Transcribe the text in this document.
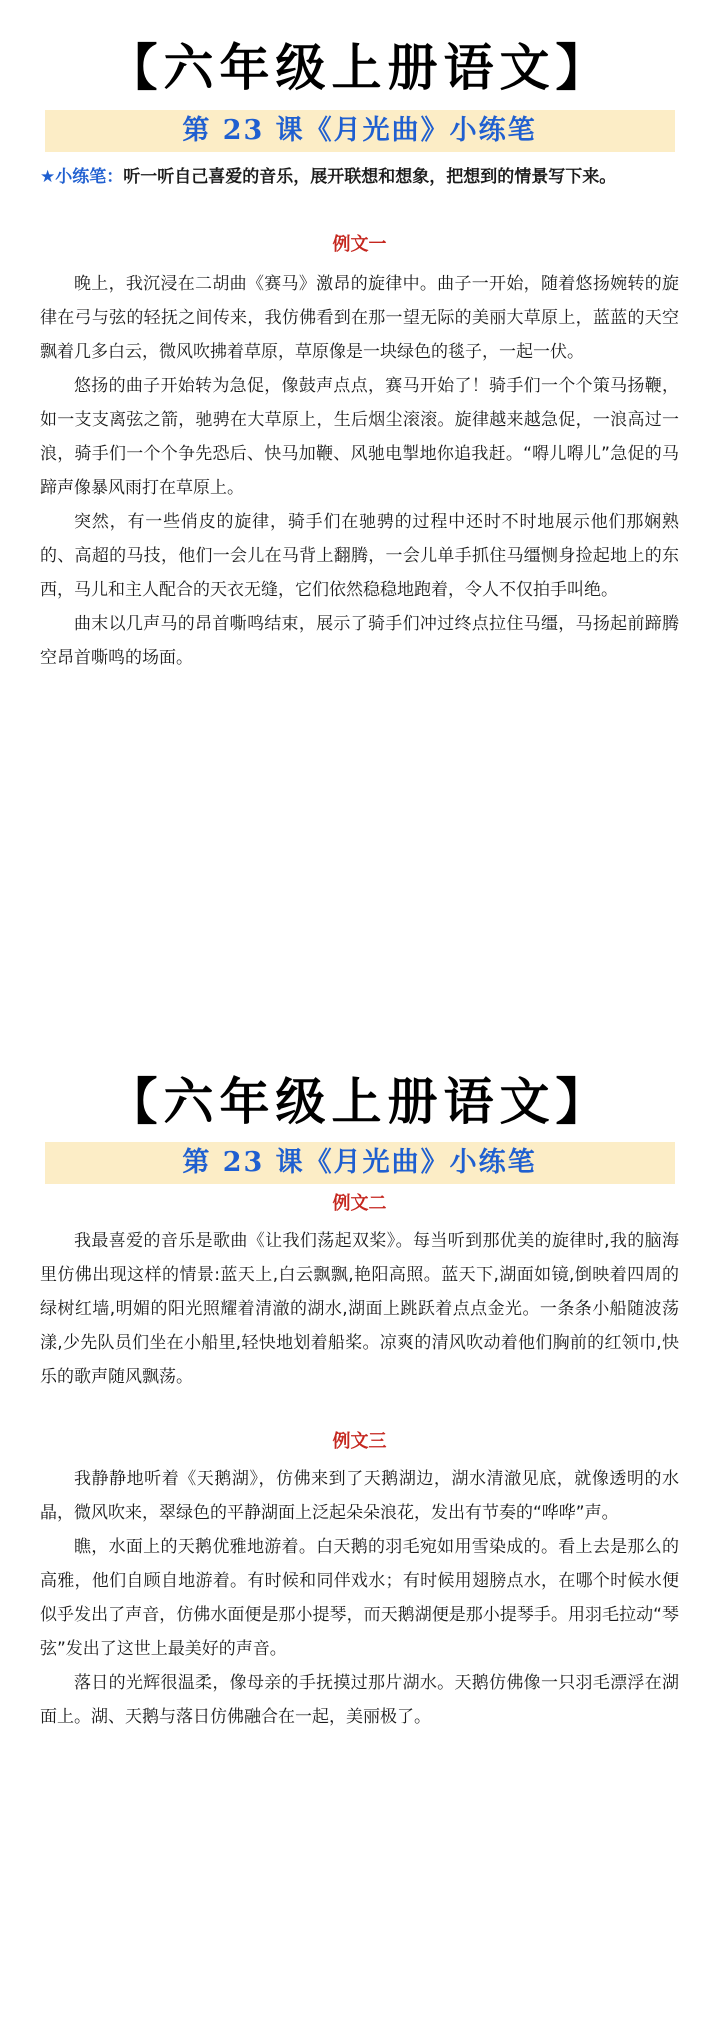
【六年级上册语文】
第 23 课《月光曲》小练笔
★小练笔：听一听自己喜爱的音乐，展开联想和想象，把想到的情景写下来。
例文一

晚上，我沉浸在二胡曲《赛马》激昂的旋律中。曲子一开始，随着悠扬婉转的旋律在弓与弦的轻抚之间传来，我仿佛看到在那一望无际的美丽大草原上，蓝蓝的天空飘着几多白云，微风吹拂着草原，草原像是一块绿色的毯子，一起一伏。

悠扬的曲子开始转为急促，像鼓声点点，赛马开始了！骑手们一个个策马扬鞭，如一支支离弦之箭，驰骋在大草原上，生后烟尘滚滚。旋律越来越急促，一浪高过一浪，骑手们一个个争先恐后、快马加鞭、风驰电掣地你追我赶。“嘚儿嘚儿”急促的马蹄声像暴风雨打在草原上。

突然，有一些俏皮的旋律，骑手们在驰骋的过程中还时不时地展示他们那娴熟的、高超的马技，他们一会儿在马背上翻腾，一会儿单手抓住马缰恻身捡起地上的东西，马儿和主人配合的天衣无缝，它们依然稳稳地跑着，令人不仅拍手叫绝。

曲末以几声马的昂首嘶鸣结束，展示了骑手们冲过终点拉住马缰，马扬起前蹄腾空昂首嘶鸣的场面。

【六年级上册语文】
第 23 课《月光曲》小练笔
例文二

我最喜爱的音乐是歌曲《让我们荡起双桨》。每当听到那优美的旋律时,我的脑海里仿佛出现这样的情景:蓝天上,白云飘飘,艳阳高照。蓝天下,湖面如镜,倒映着四周的绿树红墙,明媚的阳光照耀着清澈的湖水,湖面上跳跃着点点金光。一条条小船随波荡漾,少先队员们坐在小船里,轻快地划着船桨。凉爽的清风吹动着他们胸前的红领巾,快乐的歌声随风飘荡。

例文三

我静静地听着《天鹅湖》，仿佛来到了天鹅湖边，湖水清澈见底，就像透明的水晶，微风吹来，翠绿色的平静湖面上泛起朵朵浪花，发出有节奏的“哗哗”声。

瞧，水面上的天鹅优雅地游着。白天鹅的羽毛宛如用雪染成的。看上去是那么的高雅，他们自顾自地游着。有时候和同伴戏水；有时候用翅膀点水，在哪个时候水便似乎发出了声音，仿佛水面便是那小提琴，而天鹅湖便是那小提琴手。用羽毛拉动“琴弦”发出了这世上最美好的声音。

落日的光辉很温柔，像母亲的手抚摸过那片湖水。天鹅仿佛像一只羽毛漂浮在湖面上。湖、天鹅与落日仿佛融合在一起，美丽极了。
